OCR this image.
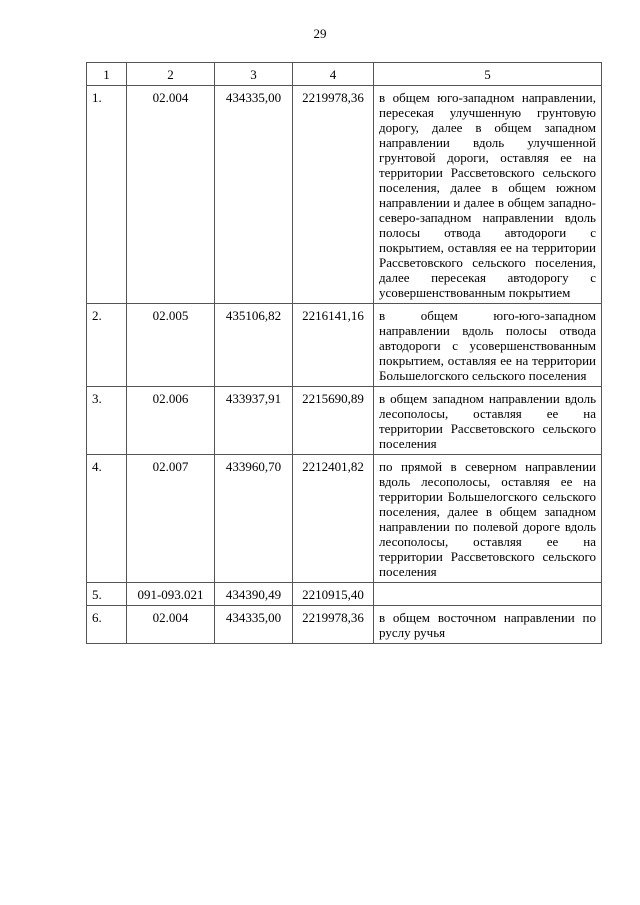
29
1	2	3	4	5
1.	02.004	434335,00	2219978,36	в общем юго-западном направлении, пересекая улучшенную грунтовую дорогу, далее в общем западном направлении вдоль улучшенной грунтовой дороги, оставляя ее на территории Рассветовского сельского поселения, далее в общем южном направлении и далее в общем западно-северо-западном направлении вдоль полосы отвода автодороги с покрытием, оставляя ее на территории Рассветовского сельского поселения, далее пересекая автодорогу с усовершенствованным покрытием
2.	02.005	435106,82	2216141,16	в общем юго-юго-западном направлении вдоль полосы отвода автодороги с усовершенствованным покрытием, оставляя ее на территории Большелогского сельского поселения
3.	02.006	433937,91	2215690,89	в общем западном направлении вдоль лесополосы, оставляя ее на территории Рассветовского сельского поселения
4.	02.007	433960,70	2212401,82	по прямой в северном направлении вдоль лесополосы, оставляя ее на территории Большелогского сельского поселения, далее в общем западном направлении по полевой дороге вдоль лесополосы, оставляя ее на территории Рассветовского сельского поселения
5.	091-093.021	434390,49	2210915,40	
6.	02.004	434335,00	2219978,36	в общем восточном направлении по руслу ручья
